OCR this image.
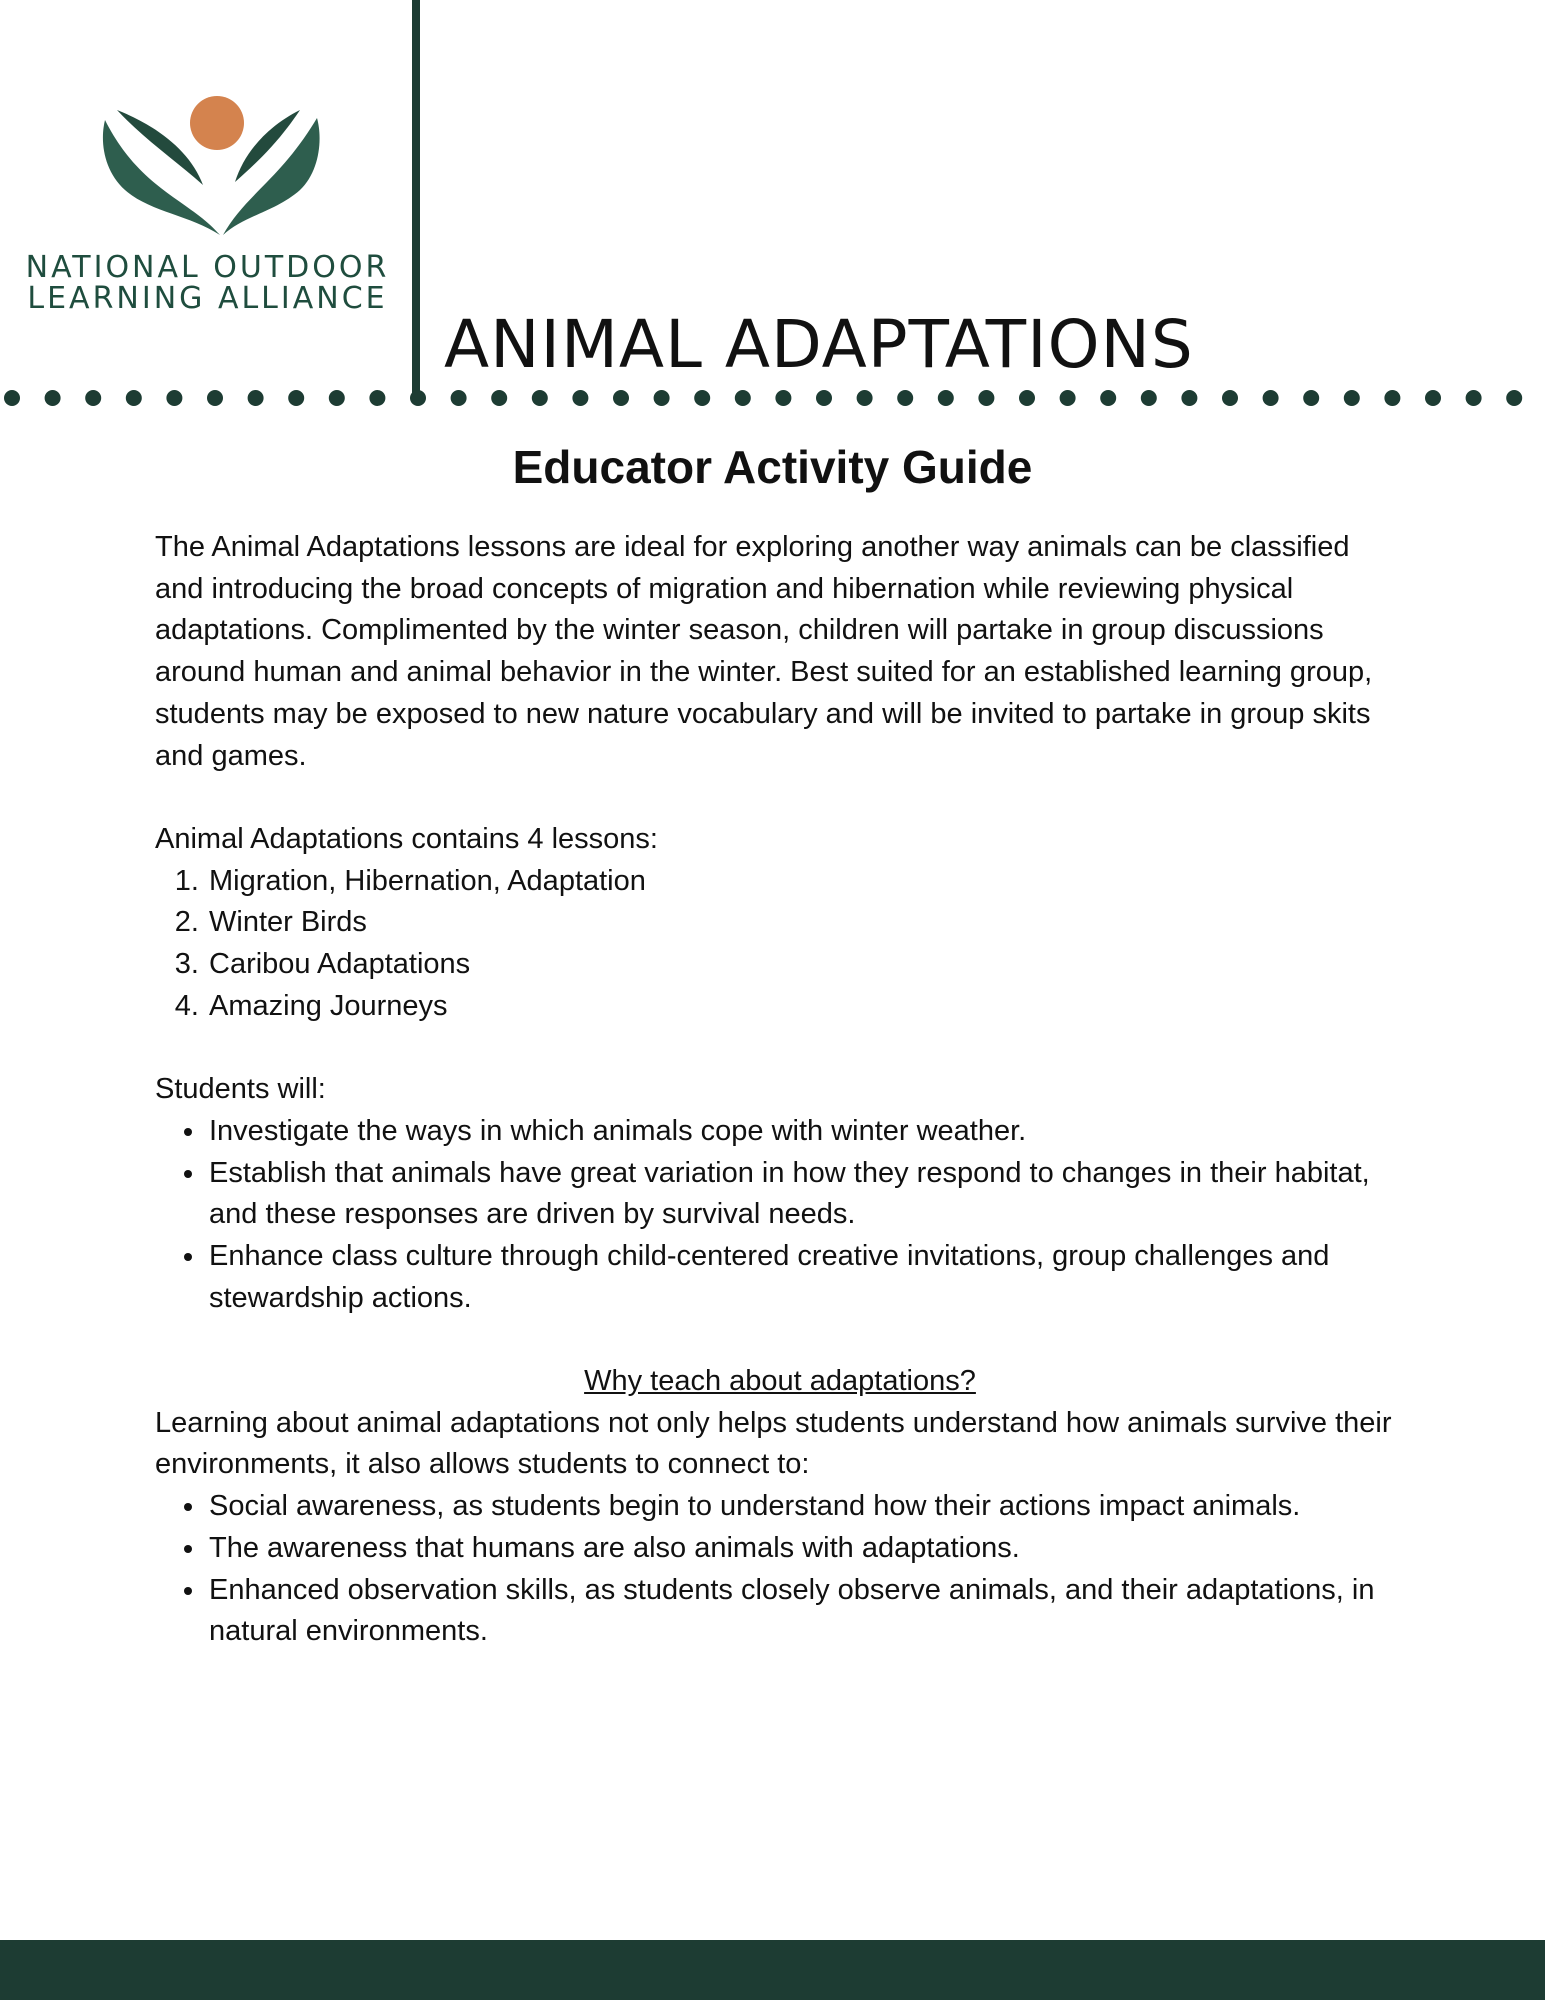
NATIONAL OUTDOOR
LEARNING ALLIANCE
ANIMAL ADAPTATIONS
Educator Activity Guide

The Animal Adaptations lessons are ideal for exploring another way animals can be classified and introducing the broad concepts of migration and hibernation while reviewing physical adaptations. Complimented by the winter season, children will partake in group discussions around human and animal behavior in the winter. Best suited for an established learning group, students may be exposed to new nature vocabulary and will be invited to partake in group skits and games.

Animal Adaptations contains 4 lessons:

1. Migration, Hibernation, Adaptation
2. Winter Birds
3. Caribou Adaptations
4. Amazing Journeys

Students will:

• Investigate the ways in which animals cope with winter weather.
• Establish that animals have great variation in how they respond to changes in their habitat, and these responses are driven by survival needs.
• Enhance class culture through child-centered creative invitations, group challenges and stewardship actions.

Why teach about adaptations?

Learning about animal adaptations not only helps students understand how animals survive their environments, it also allows students to connect to:

• Social awareness, as students begin to understand how their actions impact animals.
• The awareness that humans are also animals with adaptations.
• Enhanced observation skills, as students closely observe animals, and their adaptations, in natural environments.
